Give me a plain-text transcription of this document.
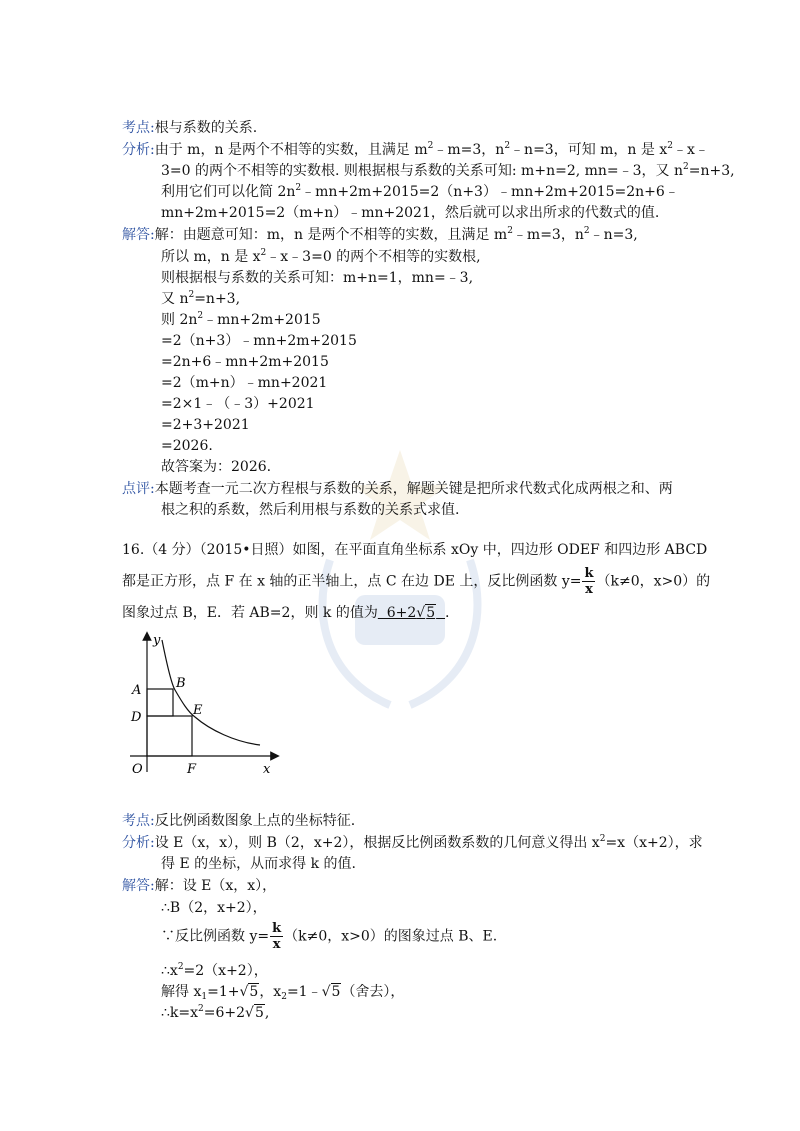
考点:根与系数的关系.
分析:由于 m，n 是两个不相等的实数，且满足 $m^2﹣m=3$，$n^2﹣n=3$，可知 m，n 是 $x^2﹣x﹣$
3=0 的两个不相等的实数根. 则根据根与系数的关系可知: m+n=2, mn=﹣3，又 $n^2=n+3$,
利用它们可以化简 $2n^2﹣mn+2m+2015=2(n+3)﹣mn+2m+2015=2n+6﹣$
mn+2m+2015=2（m+n）﹣mn+2021，然后就可以求出所求的代数式的值.
解答:解：由题意可知：m，n 是两个不相等的实数，且满足 $m^2﹣m=3$，$n^2﹣n=3$,
所以 m，n 是 $x^2﹣x﹣3=0$ 的两个不相等的实数根,
则根据根与系数的关系可知：m+n=1，mn=﹣3,
又 $n^2=n+3$,
则 $2n^2﹣mn+2m+2015$
=2（n+3）﹣mn+2m+2015
=2n+6﹣mn+2m+2015
=2（m+n）﹣mn+2021
=2×1﹣（﹣3）+2021
=2+3+2021
=2026.
故答案为：2026.
点评:本题考查一元二次方程根与系数的关系，解题关键是把所求代数式化成两根之和、两
根之积的系数，然后利用根与系数的关系式求值.
16.（4 分）（2015•日照）如图，在平面直角坐标系 xOy 中，四边形 ODEF 和四边形 ABCD
都是正方形，点 F 在 x 轴的正半轴上，点 C 在边 DE 上，反比例函数 $y= \frac{k}{x} (k\ne 0$，x>0）的
图象过点 B，E．若 AB=2，则 k 的值为  6+2√5 .
y
A	B
D	E
O	F	x
考点:反比例函数图象上点的坐标特征.
分析:设 E（x，x），则 B（2，x+2），根据反比例函数系数的几何意义得出 $x^2=x(x+2)$，求
得 E 的坐标，从而求得 k 的值.
解答:解：设 E（x，x），
∴B（2，x+2），
∵反比例函数 $y= \frac{k}{x} (k\ne 0$，x>0）的图象过点 B、E.
$\therefore x^2=2(x+2)$，
解得 $x_1=1+√5$，$x_2=1﹣√5$（舍去），
$\therefore k=x^2=6+2√5$,
